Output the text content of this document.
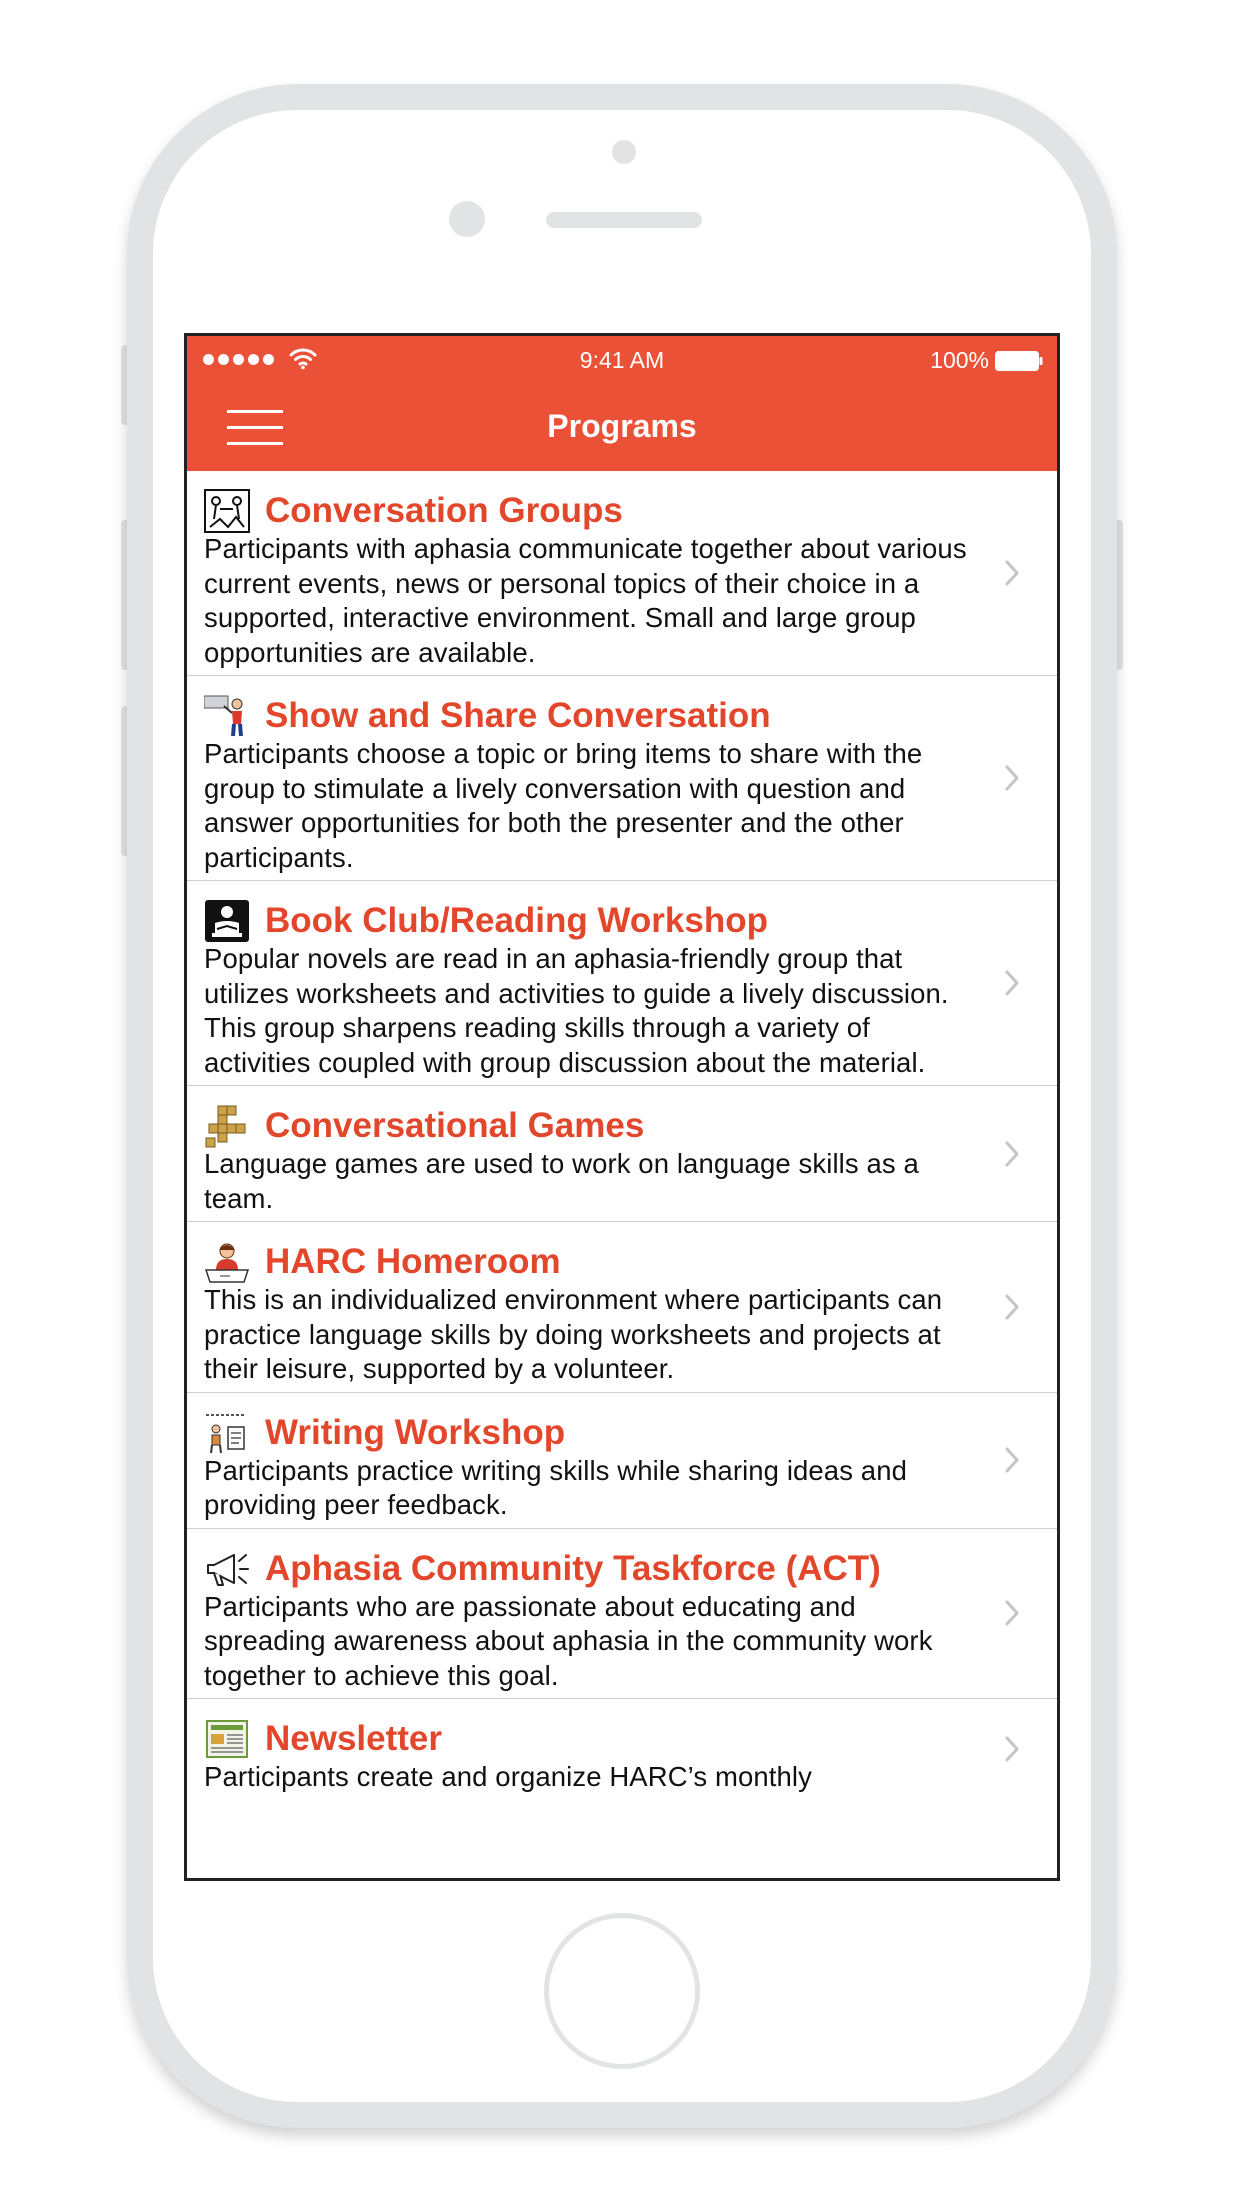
9:41 AM	100%
Programs
Conversation Groups
Participants with aphasia communicate together about various current events, news or personal topics of their choice in a supported, interactive environment. Small and large group opportunities are available.
Show and Share Conversation
Participants choose a topic or bring items to share with the group to stimulate a lively conversation with question and answer opportunities for both the presenter and the other participants.
Book Club/Reading Workshop
Popular novels are read in an aphasia-friendly group that utilizes worksheets and activities to guide a lively discussion. This group sharpens reading skills through a variety of activities coupled with group discussion about the material.
Conversational Games
Language games are used to work on language skills as a team.
HARC Homeroom
This is an individualized environment where participants can practice language skills by doing worksheets and projects at their leisure, supported by a volunteer.
Writing Workshop
Participants practice writing skills while sharing ideas and providing peer feedback.
Aphasia Community Taskforce (ACT)
Participants who are passionate about educating and spreading awareness about aphasia in the community work together to achieve this goal.
Newsletter
Participants create and organize HARC’s monthly
